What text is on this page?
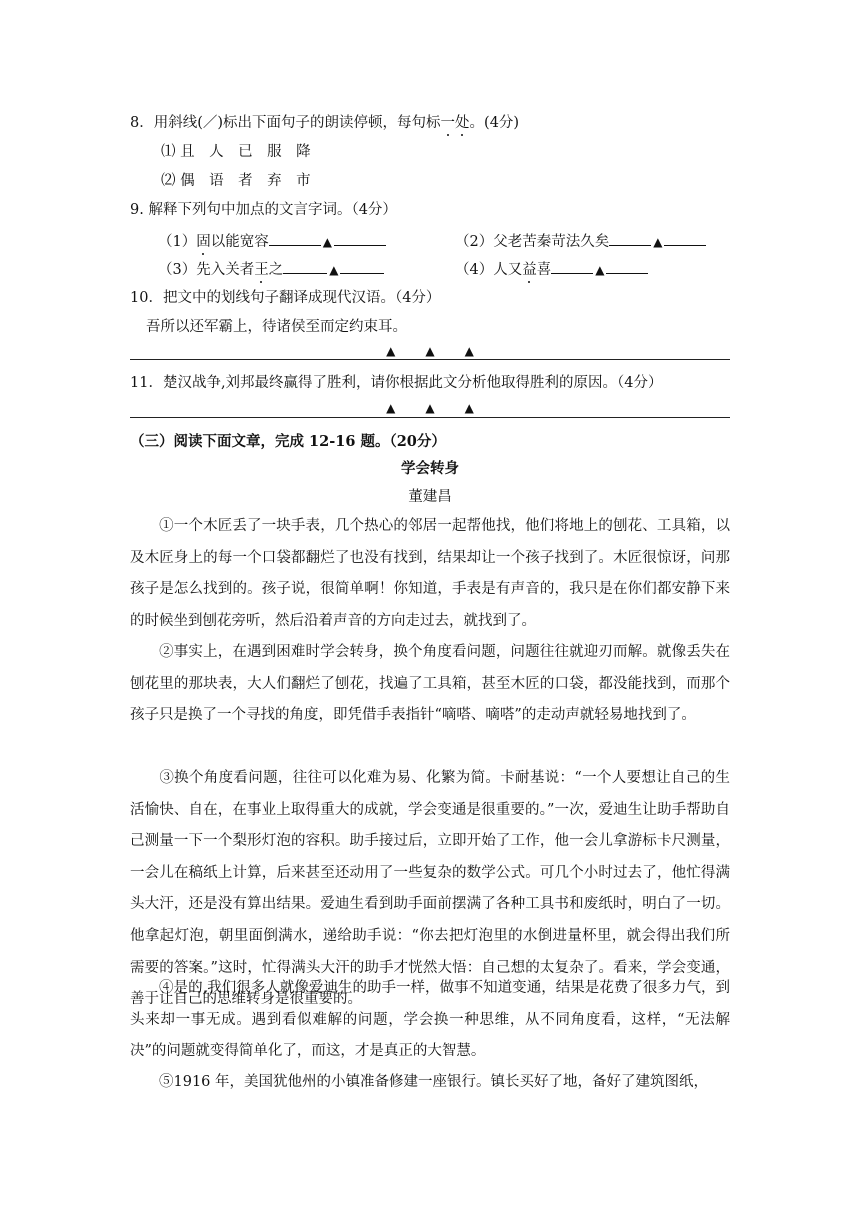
8．用斜线(／)标出下面句子的朗读停顿，每句标一处。(4分)
⑴ 且　人　已　服　降
⑵ 偶　语　者　弃　市
9. 解释下列句中加点的文言字词。（4分）
（1）固以能宽容	▲	（2）父老苦秦苛法久矣	▲
（3）先入关者王之	▲	（4）人又益喜	▲
10．把文中的划线句子翻译成现代汉语。（4分）
吾所以还军霸上，待诸侯至而定约束耳。
▲	▲	▲
11．楚汉战争,刘邦最终赢得了胜利，请你根据此文分析他取得胜利的原因。（4分）
▲	▲	▲
（三）阅读下面文章，完成 12-16 题。（20分）
学会转身
董建昌
①一个木匠丢了一块手表，几个热心的邻居一起帮他找，他们将地上的刨花、工具箱，以及木匠身上的每一个口袋都翻烂了也没有找到，结果却让一个孩子找到了。木匠很惊讶，问那孩子是怎么找到的。孩子说，很简单啊！你知道，手表是有声音的，我只是在你们都安静下来的时候坐到刨花旁听，然后沿着声音的方向走过去，就找到了。
②事实上，在遇到困难时学会转身，换个角度看问题，问题往往就迎刃而解。就像丢失在刨花里的那块表，大人们翻烂了刨花，找遍了工具箱，甚至木匠的口袋，都没能找到，而那个孩子只是换了一个寻找的角度，即凭借手表指针“嘀嗒、嘀嗒”的走动声就轻易地找到了。
③换个角度看问题，往往可以化难为易、化繁为简。卡耐基说：“一个人要想让自己的生活愉快、自在，在事业上取得重大的成就，学会变通是很重要的。”一次，爱迪生让助手帮助自己测量一下一个梨形灯泡的容积。助手接过后，立即开始了工作，他一会儿拿游标卡尺测量，一会儿在稿纸上计算，后来甚至还动用了一些复杂的数学公式。可几个小时过去了，他忙得满头大汗，还是没有算出结果。爱迪生看到助手面前摆满了各种工具书和废纸时，明白了一切。他拿起灯泡，朝里面倒满水，递给助手说：“你去把灯泡里的水倒进量杯里，就会得出我们所需要的答案。”这时，忙得满头大汗的助手才恍然大悟：自己想的太复杂了。看来，学会变通，善于让自己的思维转身是很重要的。
④是的,我们很多人就像爱迪生的助手一样，做事不知道变通，结果是花费了很多力气，到头来却一事无成。遇到看似难解的问题，学会换一种思维，从不同角度看，这样，“无法解决”的问题就变得简单化了，而这，才是真正的大智慧。
⑤1916 年，美国犹他州的小镇准备修建一座银行。镇长买好了地，备好了建筑图纸，
